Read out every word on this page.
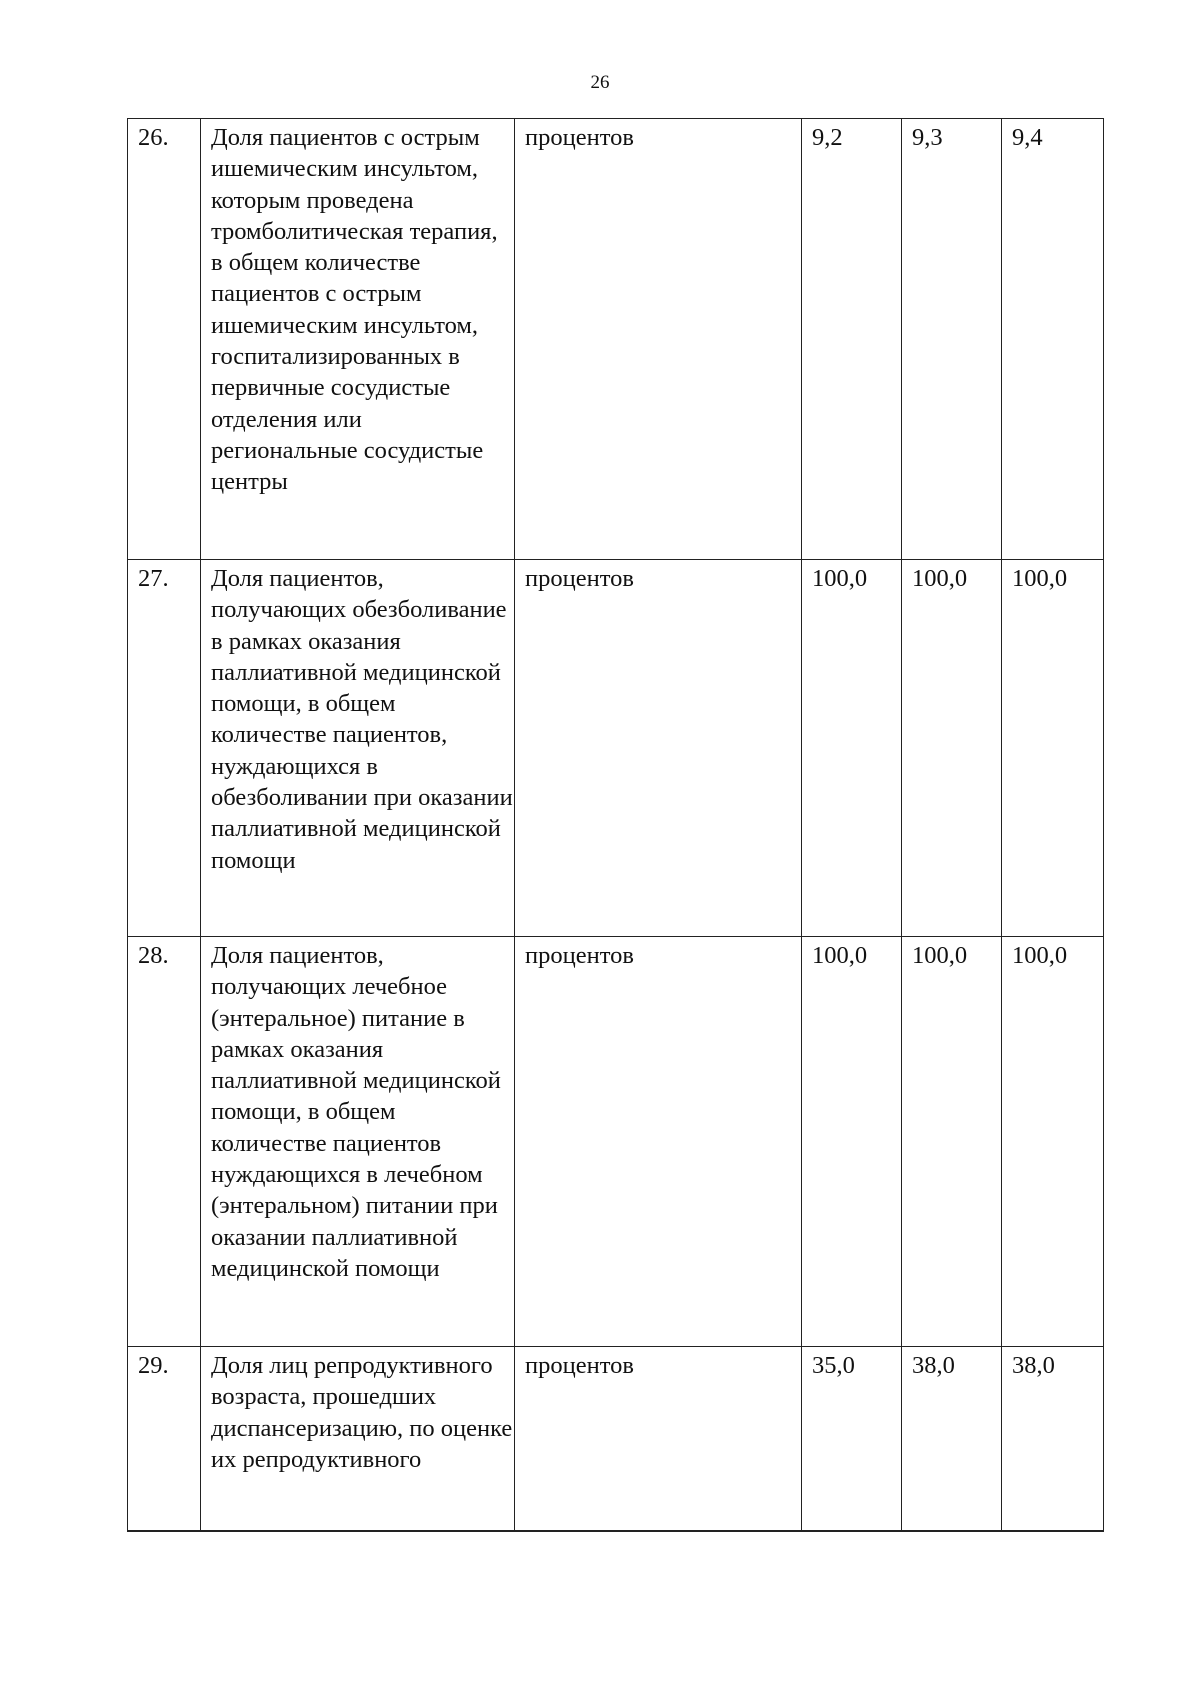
26
26.	Доля пациентов с острым ишемическим инсультом, которым проведена тромболитическая терапия, в общем количестве пациентов с острым ишемическим инсультом, госпитализированных в первичные сосудистые отделения или региональные сосудистые центры	процентов	9,2	9,3	9,4
27.	Доля пациентов, получающих обезболивание в рамках оказания паллиативной медицинской помощи, в общем количестве пациентов, нуждающихся в обезболивании при оказании паллиативной медицинской помощи	процентов	100,0	100,0	100,0
28.	Доля пациентов, получающих лечебное (энтеральное) питание в рамках оказания паллиативной медицинской помощи, в общем количестве пациентов нуждающихся в лечебном (энтеральном) питании при оказании паллиативной медицинской помощи	процентов	100,0	100,0	100,0
29.	Доля лиц репродуктивного возраста, прошедших диспансеризацию, по оценке их репродуктивного	процентов	35,0	38,0	38,0
